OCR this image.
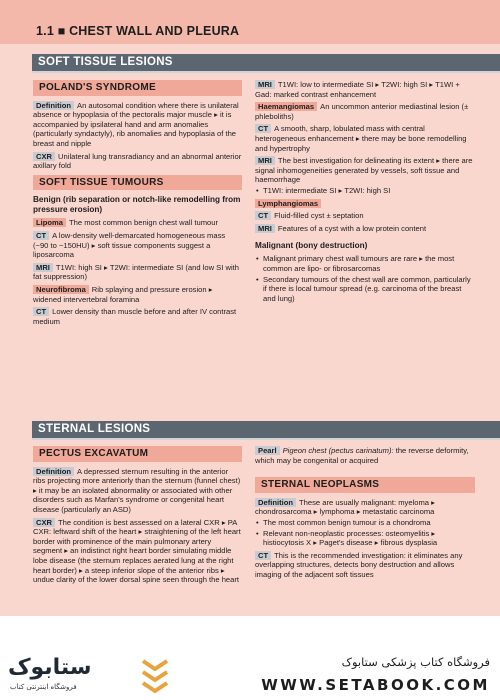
1.1 ■ CHEST WALL AND PLEURA
SOFT TISSUE LESIONS
POLAND'S SYNDROME
Definition An autosomal condition where there is unilateral absence or hypoplasia of the pectoralis major muscle ▸ it is accompanied by ipsilateral hand and arm anomalies (particularly syndactyly), rib anomalies and hypoplasia of the breast and nipple
CXR Unilateral lung transradiancy and an abnormal anterior axillary fold
SOFT TISSUE TUMOURS
Benign (rib separation or notch-like remodelling from pressure erosion)
Lipoma The most common benign chest wall tumour
CT A low-density well-demarcated homogeneous mass (−90 to −150HU) ▸ soft tissue components suggest a liposarcoma
MRI T1WI: high SI ▸ T2WI: intermediate SI (and low SI with fat suppression)
Neurofibroma Rib splaying and pressure erosion ▸ widened intervertebral foramina
CT Lower density than muscle before and after IV contrast medium
MRI T1WI: low to intermediate SI ▸ T2WI: high SI ▸ T1WI + Gad: marked contrast enhancement
Haemangiomas An uncommon anterior mediastinal lesion (± phleboliths)
CT A smooth, sharp, lobulated mass with central heterogeneous enhancement ▸ there may be bone remodelling and hypertrophy
MRI The best investigation for delineating its extent ▸ there are signal inhomogeneities generated by vessels, soft tissue and haemorrhage
• T1WI: intermediate SI ▸ T2WI: high SI
Lymphangiomas
CT Fluid-filled cyst ± septation
MRI Features of a cyst with a low protein content
Malignant (bony destruction)
• Malignant primary chest wall tumours are rare ▸ the most common are lipo- or fibrosarcomas
• Secondary tumours of the chest wall are common, particularly if there is local tumour spread (e.g. carcinoma of the breast and lung)
STERNAL LESIONS
PECTUS EXCAVATUM
Definition A depressed sternum resulting in the anterior ribs projecting more anteriorly than the sternum (funnel chest) ▸ it may be an isolated abnormality or associated with other disorders such as Marfan's syndrome or congenital heart disease (particularly an ASD)
CXR The condition is best assessed on a lateral CXR ▸ PA CXR: leftward shift of the heart ▸ straightening of the left heart border with prominence of the main pulmonary artery segment ▸ an indistinct right heart border simulating middle lobe disease (the sternum replaces aerated lung at the right heart border) ▸ a steep inferior slope of the anterior ribs ▸ undue clarity of the lower dorsal spine seen through the heart
Pearl Pigeon chest (pectus carinatum): the reverse deformity, which may be congenital or acquired
STERNAL NEOPLASMS
Definition These are usually malignant: myeloma ▸ chondrosarcoma ▸ lymphoma ▸ metastatic carcinoma
• The most common benign tumour is a chondroma
• Relevant non-neoplastic processes: osteomyelitis ▸ histiocytosis X ▸ Paget's disease ▸ fibrous dysplasia
CT This is the recommended investigation: it eliminates any overlapping structures, detects bony destruction and allows imaging of the adjacent soft tissues
ستابوک
فروشگاه اینترنتی کتاب
فروشگاه کتاب پزشکی ستابوک
WWW.SETABOOK.COM
